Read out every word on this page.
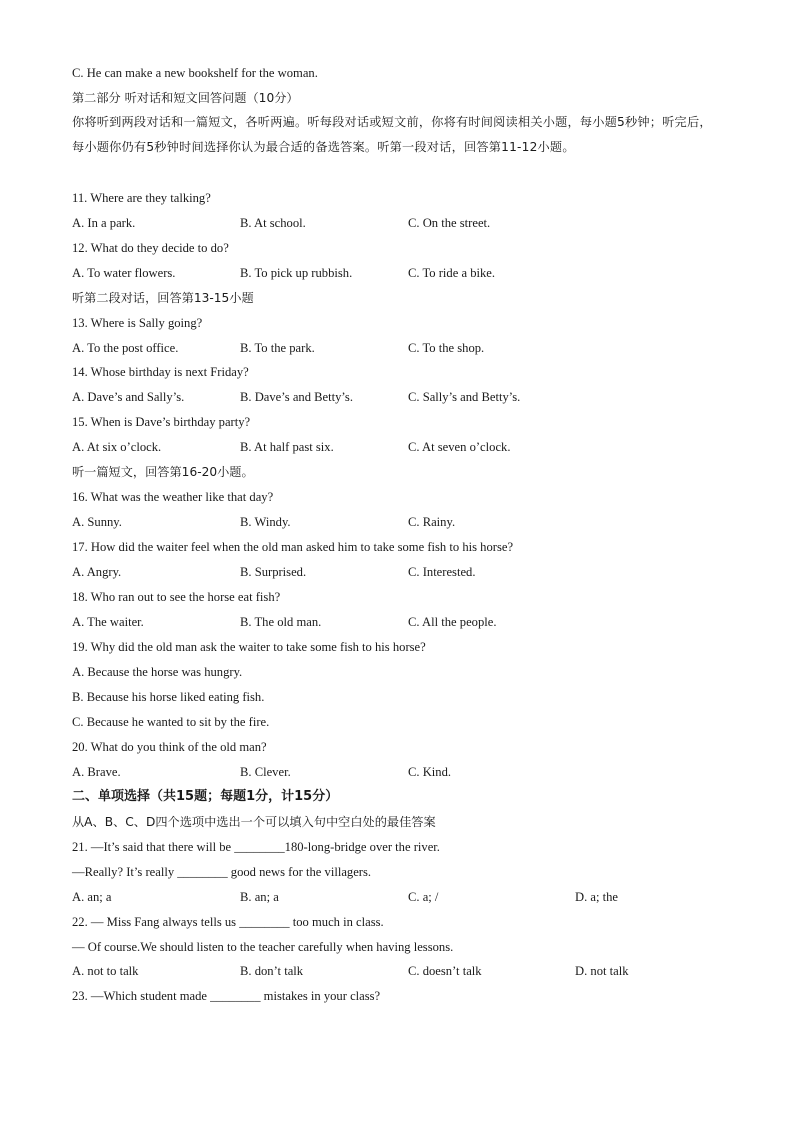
C. He can make a new bookshelf for the woman.
第二部分 听对话和短文回答问题（10分）
你将听到两段对话和一篇短文，各听两遍。听每段对话或短文前，你将有时间阅读相关小题，每小题5秒钟；听完后，每小题你仍有5秒钟时间选择你认为最合适的备选答案。听第一段对话，回答第11-12小题。
11. Where are they talking?
A. In a park.	B. At school.	C. On the street.
12. What do they decide to do?
A. To water flowers.	B. To pick up rubbish.	C. To ride a bike.
听第二段对话，回答第13-15小题
13. Where is Sally going?
A. To the post office.	B. To the park.	C. To the shop.
14. Whose birthday is next Friday?
A. Dave’s and Sally’s.	B. Dave’s and Betty’s.	C. Sally’s and Betty’s.
15. When is Dave’s birthday party?
A. At six o’clock.	B. At half past six.	C. At seven o’clock.
听一篇短文，回答第16-20小题。
16. What was the weather like that day?
A. Sunny.	B. Windy.	C. Rainy.
17. How did the waiter feel when the old man asked him to take some fish to his horse?
A. Angry.	B. Surprised.	C. Interested.
18. Who ran out to see the horse eat fish?
A. The waiter.	B. The old man.	C. All the people.
19. Why did the old man ask the waiter to take some fish to his horse?
A. Because the horse was hungry.
B. Because his horse liked eating fish.
C. Because he wanted to sit by the fire.
20. What do you think of the old man?
A. Brave.	B. Clever.	C. Kind.
二、单项选择（共15题；每题1分，计15分）
从A、B、C、D四个选项中选出一个可以填入句中空白处的最佳答案
21. —It’s said that there will be ________180-long-bridge over the river.
—Really? It’s really ________ good news for the villagers.
A. an; a	B. an; a	C. a; /	D. a; the
22. — Miss Fang always tells us ________ too much in class.
— Of course.We should listen to the teacher carefully when having lessons.
A. not to talk	B. don’t talk	C. doesn’t talk	D. not talk
23. —Which student made ________ mistakes in your class?
